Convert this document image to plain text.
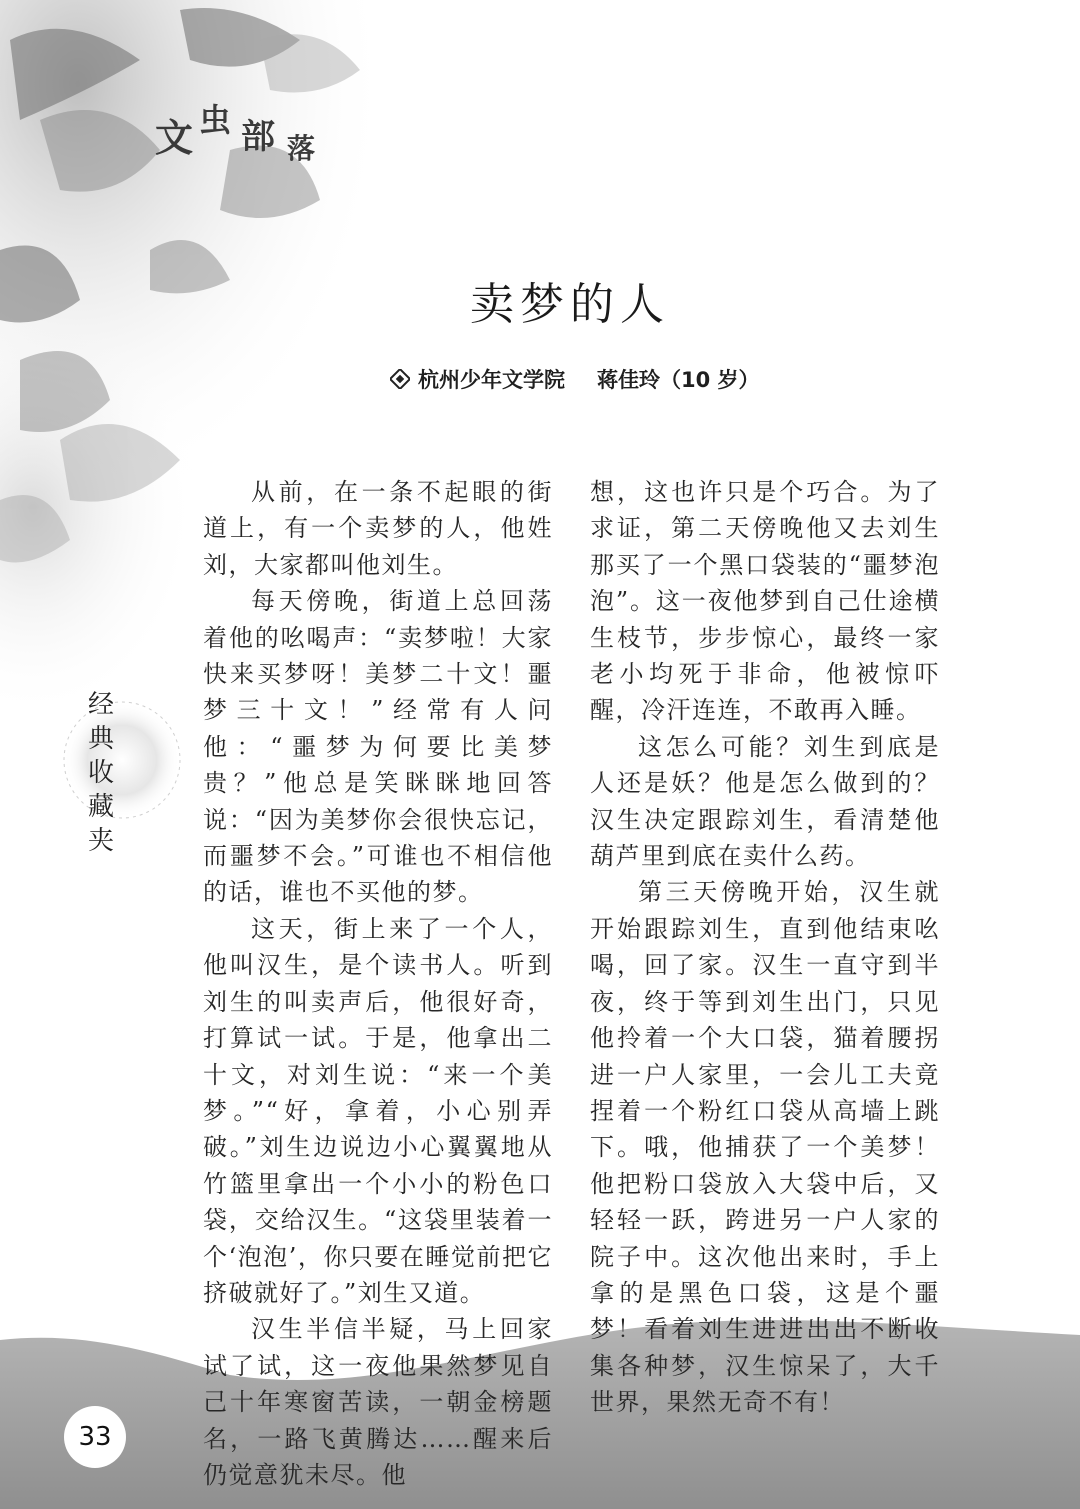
文 虫 部 落
卖梦的人
杭州少年文学院 蒋佳玲（10 岁）
经
典
收
藏
夹

从前，在一条不起眼的街道上，有一个卖梦的人，他姓刘，大家都叫他刘生。

每天傍晚，街道上总回荡着他的吆喝声：“卖梦啦！大家快来买梦呀！美梦二十文！噩梦三十文！”经常有人问他：“噩梦为何要比美梦贵？”他总是笑眯眯地回答说：“因为美梦你会很快忘记，而噩梦不会。”可谁也不相信他的话，谁也不买他的梦。

这天，街上来了一个人，他叫汉生，是个读书人。听到刘生的叫卖声后，他很好奇，打算试一试。于是，他拿出二十文，对刘生说：“来一个美梦。”“好，拿着，小心别弄破。”刘生边说边小心翼翼地从竹篮里拿出一个小小的粉色口袋，交给汉生。“这袋里装着一个‘泡泡’，你只要在睡觉前把它挤破就好了。”刘生又道。

汉生半信半疑，马上回家试了试，这一夜他果然梦见自己十年寒窗苦读，一朝金榜题名，一路飞黄腾达……醒来后仍觉意犹未尽。他

想，这也许只是个巧合。为了求证，第二天傍晚他又去刘生那买了一个黑口袋装的“噩梦泡泡”。这一夜他梦到自己仕途横生枝节，步步惊心，最终一家老小均死于非命，他被惊吓醒，冷汗连连，不敢再入睡。

这怎么可能？刘生到底是人还是妖？他是怎么做到的？汉生决定跟踪刘生，看清楚他葫芦里到底在卖什么药。

第三天傍晚开始，汉生就开始跟踪刘生，直到他结束吆喝，回了家。汉生一直守到半夜，终于等到刘生出门，只见他拎着一个大口袋，猫着腰拐进一户人家里，一会儿工夫竟捏着一个粉红口袋从高墙上跳下。哦，他捕获了一个美梦！他把粉口袋放入大袋中后，又轻轻一跃，跨进另一户人家的院子中。这次他出来时，手上拿的是黑色口袋，这是个噩梦！看着刘生进进出出不断收集各种梦，汉生惊呆了，大千世界，果然无奇不有！

33
